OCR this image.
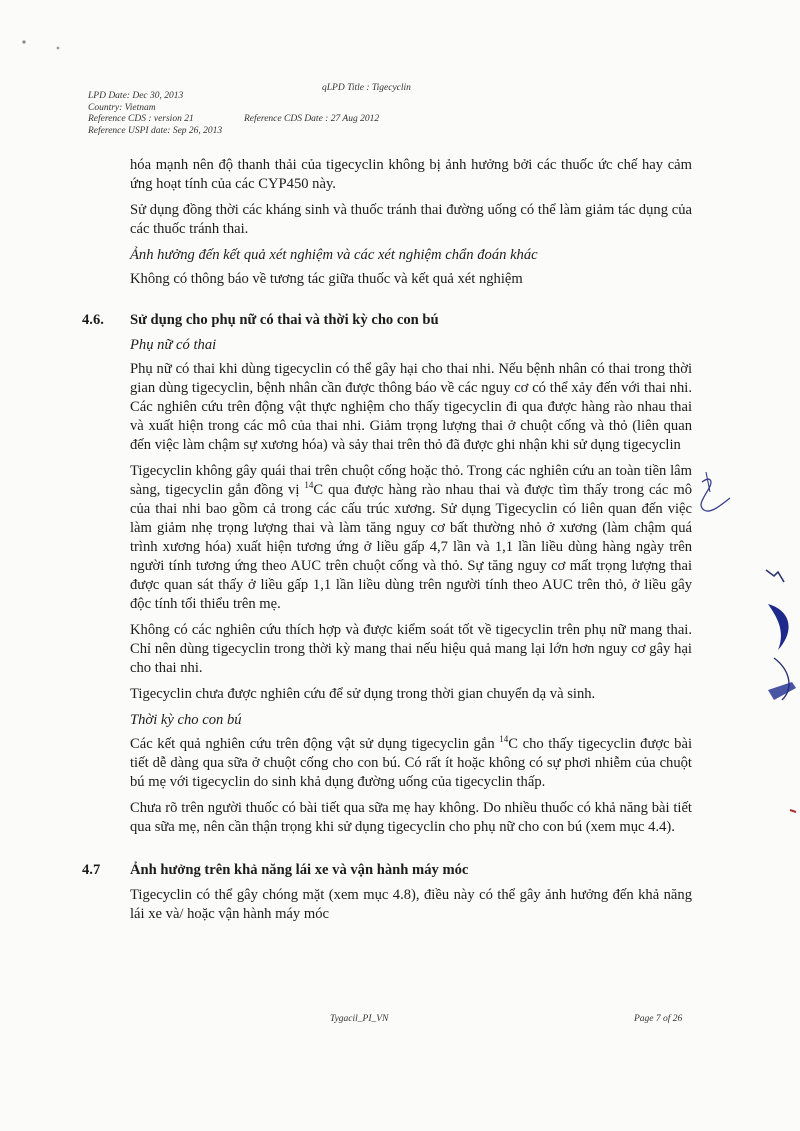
qLPD Title : Tigecyclin
LPD Date: Dec 30, 2013
Country: Vietnam
Reference CDS : version 21
Reference USPI date: Sep 26, 2013
Reference CDS Date : 27 Aug 2012

hóa mạnh nên độ thanh thải của tigecyclin không bị ảnh hưởng bởi các thuốc ức chế hay cảm ứng hoạt tính của các CYP450 này.

Sử dụng đồng thời các kháng sinh và thuốc tránh thai đường uống có thể làm giảm tác dụng của các thuốc tránh thai.

Ảnh hưởng đến kết quả xét nghiệm và các xét nghiệm chẩn đoán khác

Không có thông báo về tương tác giữa thuốc và kết quả xét nghiệm

4.6. Sử dụng cho phụ nữ có thai và thời kỳ cho con bú

Phụ nữ có thai

Phụ nữ có thai khi dùng tigecyclin có thể gây hại cho thai nhi. Nếu bệnh nhân có thai trong thời gian dùng tigecyclin, bệnh nhân cần được thông báo về các nguy cơ có thể xảy đến với thai nhi. Các nghiên cứu trên động vật thực nghiệm cho thấy tigecyclin đi qua được hàng rào nhau thai và xuất hiện trong các mô của thai nhi. Giảm trọng lượng thai ở chuột cống và thỏ (liên quan đến việc làm chậm sự xương hóa) và sảy thai trên thỏ đã được ghi nhận khi sử dụng tigecyclin

Tigecyclin không gây quái thai trên chuột cống hoặc thỏ. Trong các nghiên cứu an toàn tiền lâm sàng, tigecyclin gắn đồng vị $^{14}$C qua được hàng rào nhau thai và được tìm thấy trong các mô của thai nhi bao gồm cả trong các cấu trúc xương. Sử dụng Tigecyclin có liên quan đến việc làm giảm nhẹ trọng lượng thai và làm tăng nguy cơ bất thường nhỏ ở xương (làm chậm quá trình xương hóa) xuất hiện tương ứng ở liều gấp 4,7 lần và 1,1 lần liều dùng hàng ngày trên người tính tương ứng theo AUC trên chuột cống và thỏ. Sự tăng nguy cơ mất trọng lượng thai được quan sát thấy ở liều gấp 1,1 lần liều dùng trên người tính theo AUC trên thỏ, ở liều gây độc tính tối thiểu trên mẹ.

Không có các nghiên cứu thích hợp và được kiểm soát tốt về tigecyclin trên phụ nữ mang thai. Chỉ nên dùng tigecyclin trong thời kỳ mang thai nếu hiệu quả mang lại lớn hơn nguy cơ gây hại cho thai nhi.

Tigecyclin chưa được nghiên cứu để sử dụng trong thời gian chuyển dạ và sinh.

Thời kỳ cho con bú

Các kết quả nghiên cứu trên động vật sử dụng tigecyclin gắn $^{14}$C cho thấy tigecyclin được bài tiết dễ dàng qua sữa ở chuột cống cho con bú. Có rất ít hoặc không có sự phơi nhiễm của chuột bú mẹ với tigecyclin do sinh khả dụng đường uống của tigecyclin thấp.

Chưa rõ trên người thuốc có bài tiết qua sữa mẹ hay không. Do nhiều thuốc có khả năng bài tiết qua sữa mẹ, nên cần thận trọng khi sử dụng tigecyclin cho phụ nữ cho con bú (xem mục 4.4).

4.7 Ảnh hưởng trên khả năng lái xe và vận hành máy móc

Tigecyclin có thể gây chóng mặt (xem mục 4.8), điều này có thể gây ảnh hưởng đến khả năng lái xe và/ hoặc vận hành máy móc

Tygacil_PI_VN	Page 7 of 26
